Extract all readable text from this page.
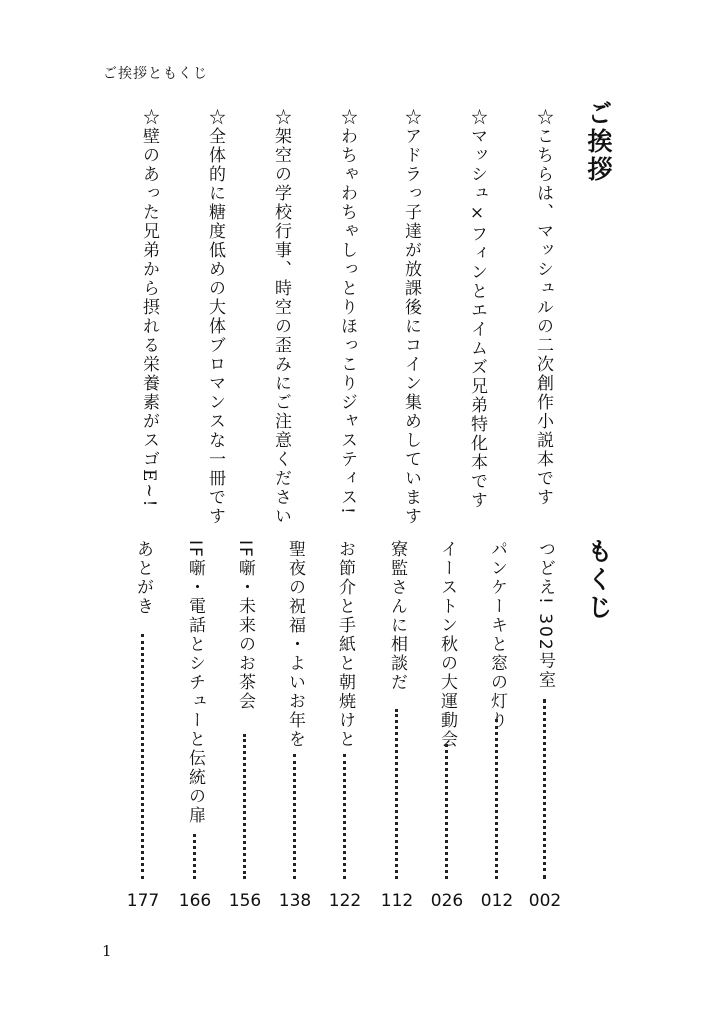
ご挨拶ともくじ
ご挨拶
☆こちらは、マッシュルの二次創作小説本です
☆マッシュ×フィンとエイムズ兄弟特化本です
☆アドラっ子達が放課後にコイン集めしています
☆わちゃわちゃしっとりほっこりジャスティス!
☆架空の学校行事、時空の歪みにご注意ください
☆全体的に糖度低めの大体ブロマンスな一冊です
☆壁のあった兄弟から摂れる栄養素がスゴE~!
もくじ
つどえ! 302号室
002
パンケーキと窓の灯り
012
イーストン秋の大運動会
026
寮監さんに相談だ
112
お節介と手紙と朝焼けと
122
聖夜の祝福・よいお年を
138
IF噺・未来のお茶会
156
IF噺・電話とシチューと伝統の扉
166
あとがき
177
1
